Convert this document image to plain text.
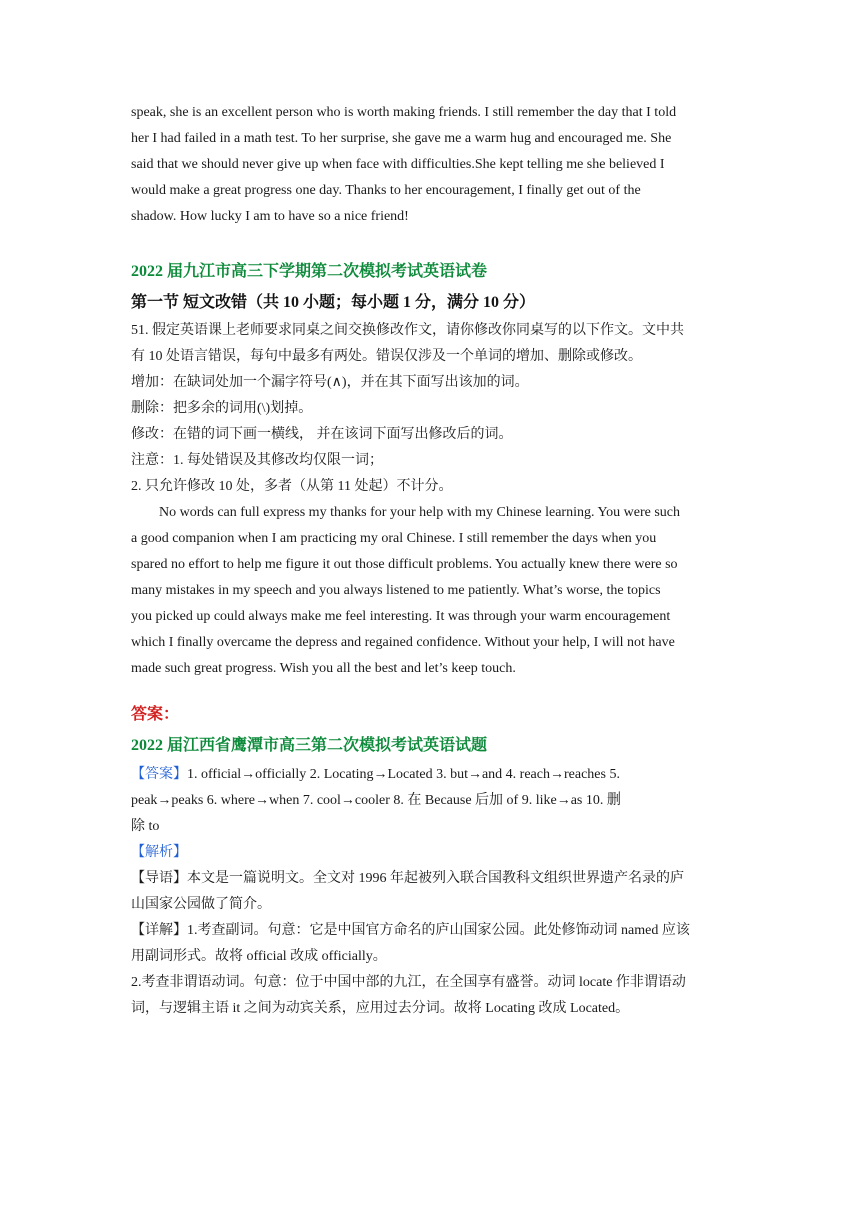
speak, she is an excellent person who is worth making friends. I still remember the day that I told

her I had failed in a math test. To her surprise, she gave me a warm hug and encouraged me. She

said that we should never give up when face with difficulties.She kept telling me she believed I

would make a great progress one day. Thanks to her encouragement, I finally get out of the

shadow. How lucky I am to have so a nice friend!

2022 届九江市高三下学期第二次模拟考试英语试卷

第一节 短文改错（共 10 小题；每小题 1 分，满分 10 分）

51. 假定英语课上老师要求同桌之间交换修改作文，请你修改你同桌写的以下作文。文中共

有 10 处语言错误，每句中最多有两处。错误仅涉及一个单词的增加、删除或修改。

增加：在缺词处加一个漏字符号(∧)，并在其下面写出该加的词。

删除：把多余的词用(\)划掉。

修改：在错的词下画一横线， 并在该词下面写出修改后的词。

注意：1. 每处错误及其修改均仅限一词；

2. 只允许修改 10 处，多者（从第 11 处起）不计分。

No words can full express my thanks for your help with my Chinese learning. You were such

a good companion when I am practicing my oral Chinese. I still remember the days when you

spared no effort to help me figure it out those difficult problems. You actually knew there were so

many mistakes in my speech and you always listened to me patiently. What’s worse, the topics

you picked up could always make me feel interesting. It was through your warm encouragement

which I finally overcame the depress and regained confidence. Without your help, I will not have

made such great progress. Wish you all the best and let’s keep touch.

答案：

2022 届江西省鹰潭市高三第二次模拟考试英语试题

【答案】1. official→officially 2. Locating→Located 3. but→and 4. reach→reaches 5.

peak→peaks 6. where→when 7. cool→cooler 8. 在 Because 后加 of 9. like→as 10. 删

除 to

【解析】

【导语】本文是一篇说明文。全文对 1996 年起被列入联合国教科文组织世界遗产名录的庐

山国家公园做了简介。

【详解】1.考查副词。句意：它是中国官方命名的庐山国家公园。此处修饰动词 named 应该

用副词形式。故将 official 改成 officially。

2.考查非谓语动词。句意：位于中国中部的九江，在全国享有盛誉。动词 locate 作非谓语动

词，与逻辑主语 it 之间为动宾关系，应用过去分词。故将 Locating 改成 Located。
